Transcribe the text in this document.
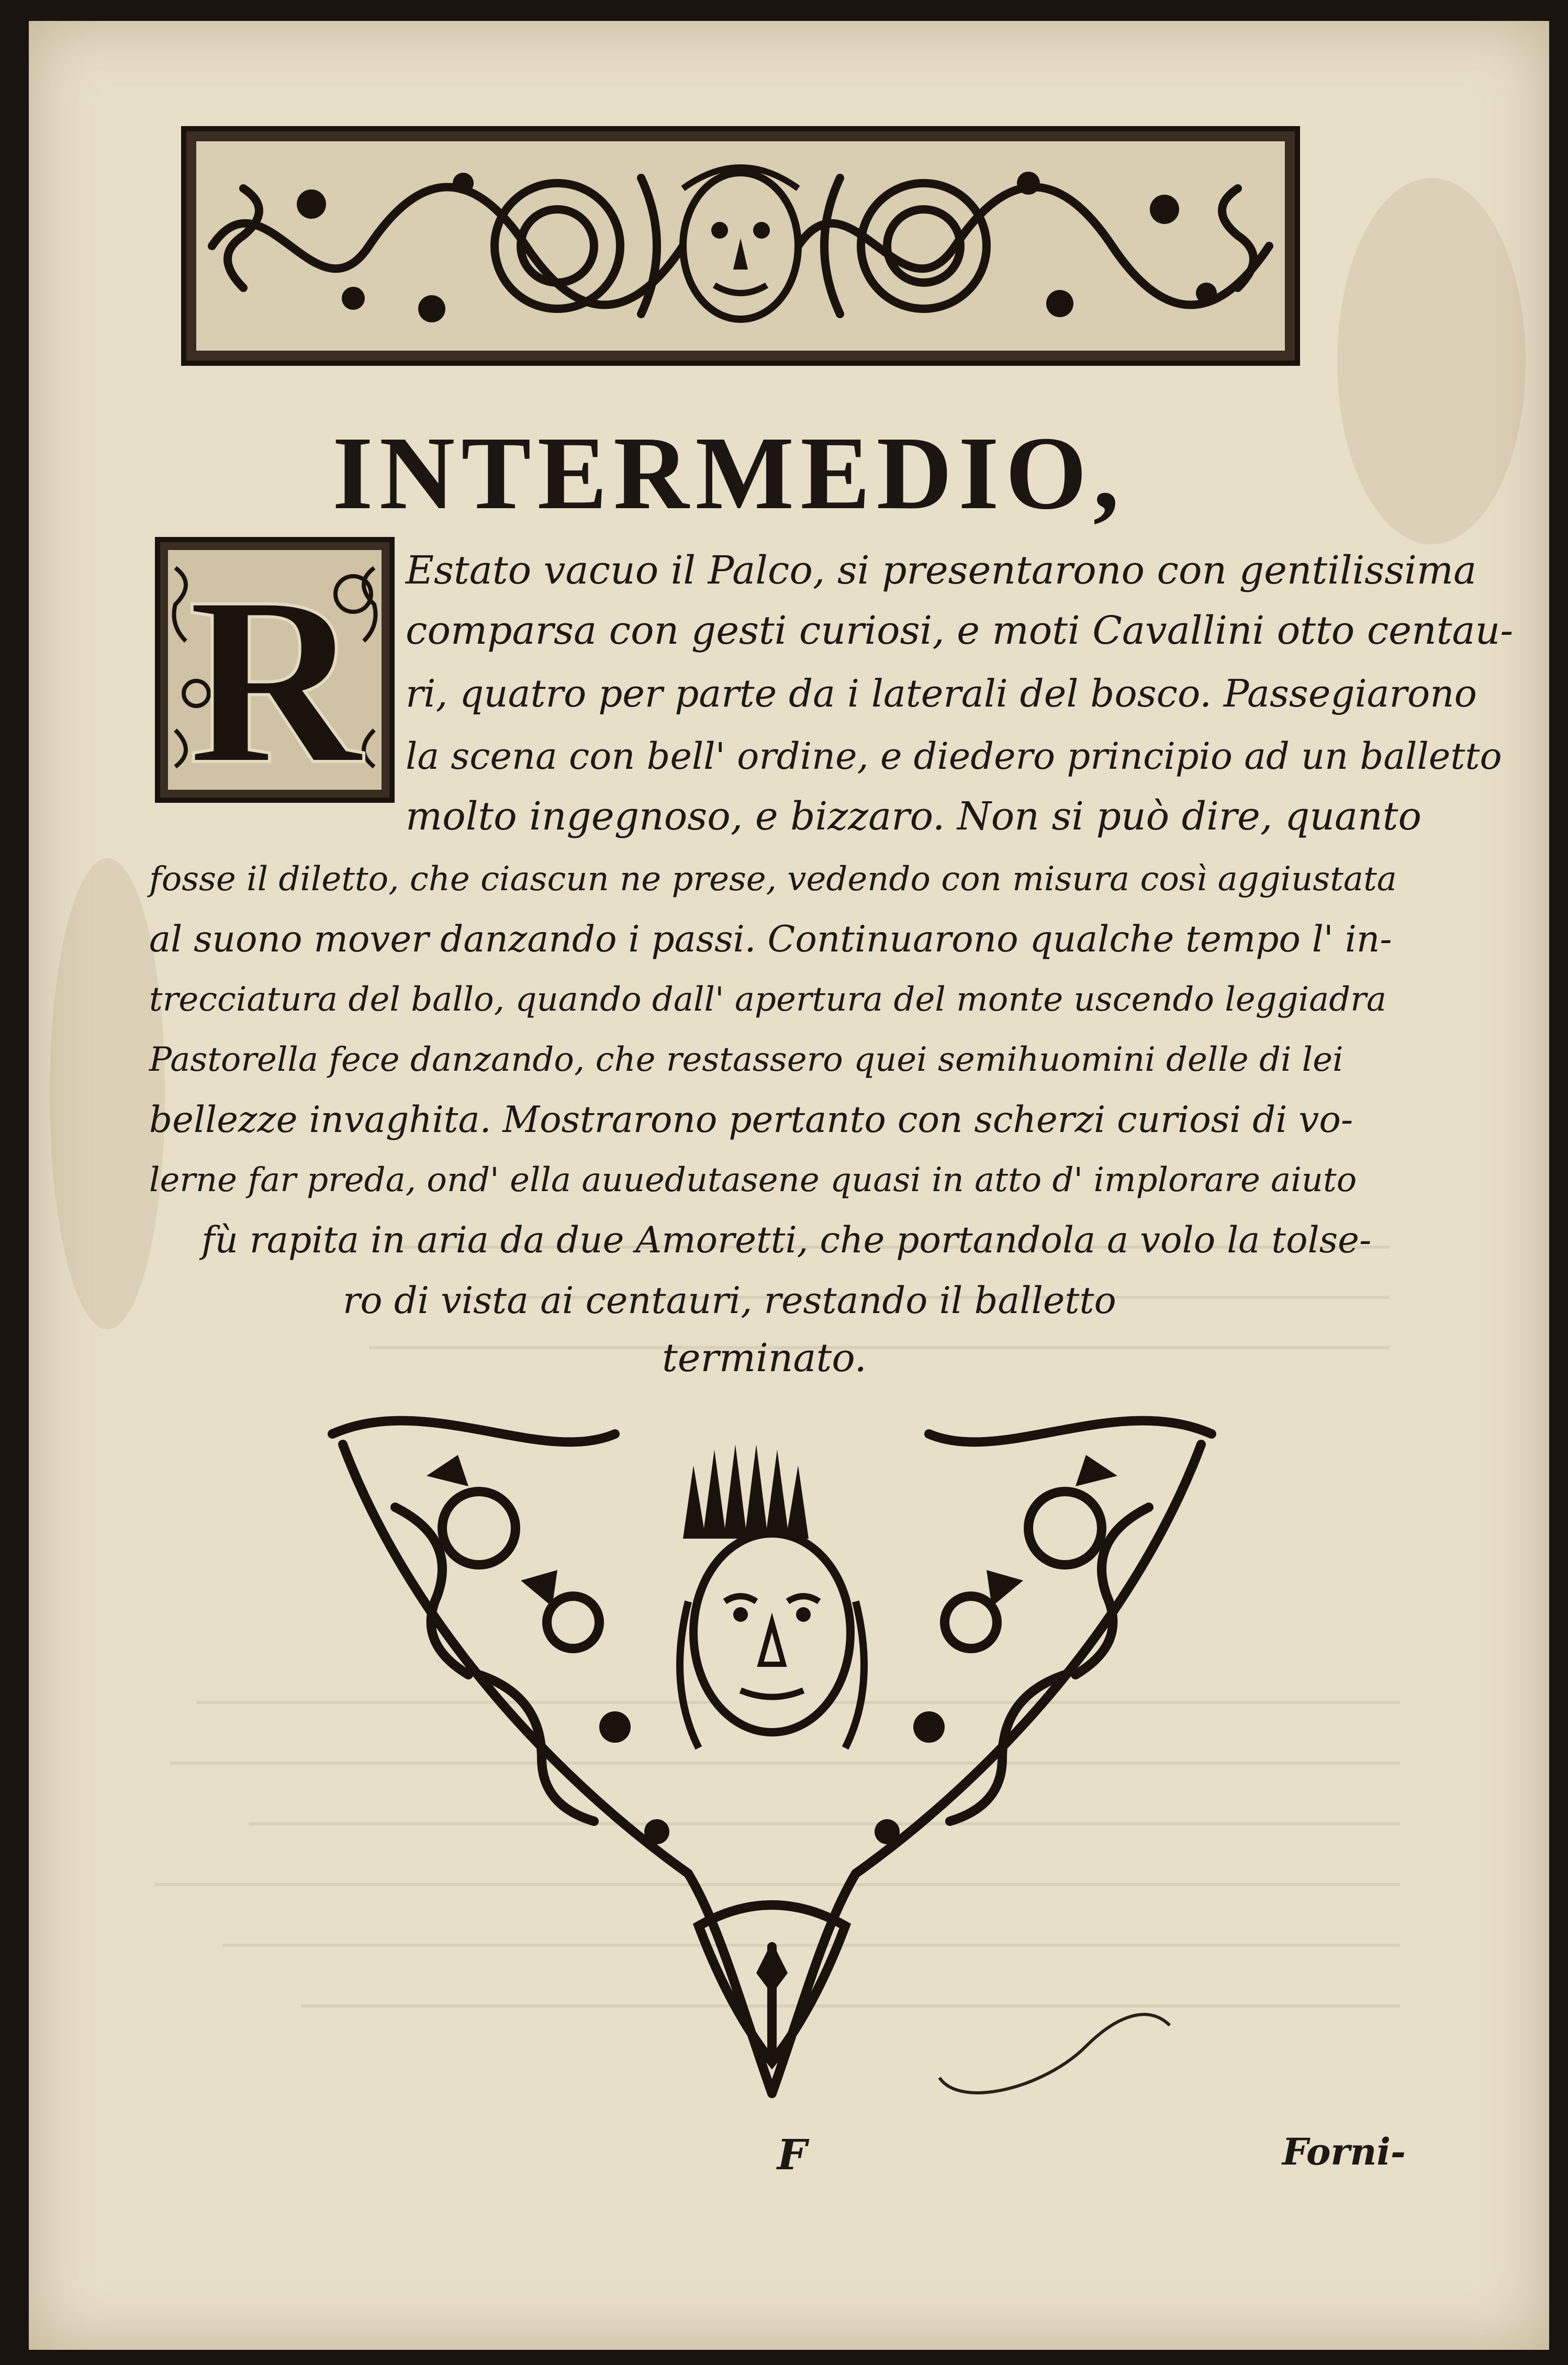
INTERMEDIO,
R Estato vacuo il Palco, si presentarono con gentilissima

comparsa con gesti curiosi, e moti Cavallini otto centau-

ri, quatro per parte da i laterali del bosco. Passegiarono

la scena con bell' ordine, e diedero principio ad un balletto

molto ingegnoso, e bizzaro. Non si può dire, quanto

fosse il diletto, che ciascun ne prese, vedendo con misura così aggiustata

al suono mover danzando i passi. Continuarono qualche tempo l' in-

trecciatura del ballo, quando dall' apertura del monte uscendo leggiadra

Pastorella fece danzando, che restassero quei semihuomini delle di lei

bellezze invaghita. Mostrarono pertanto con scherzi curiosi di vo-

lerne far preda, ond' ella auuedutasene quasi in atto d' implorare aiuto

fù rapita in aria da due Amoretti, che portandola a volo la tolse-

ro di vista ai centauri, restando il balletto

terminato.

F	Forni-
